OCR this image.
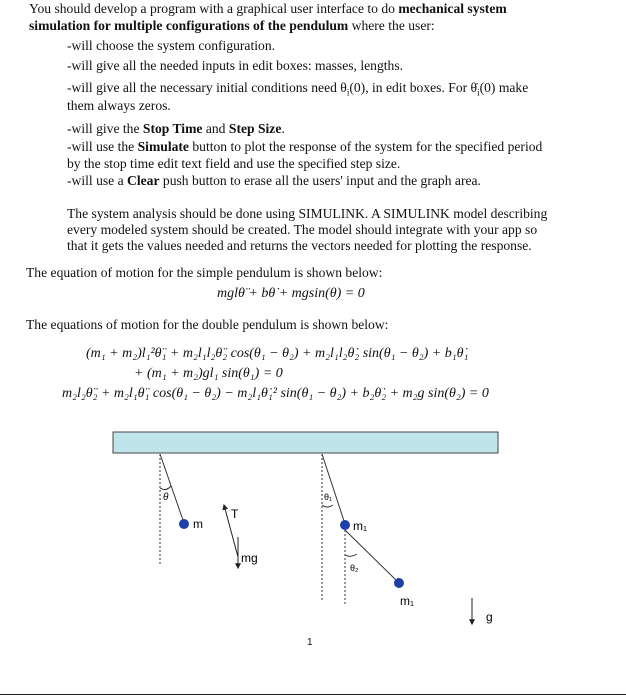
You should develop a program with a graphical user interface to do mechanical system
simulation for multiple configurations of the pendulum where the user:
-will choose the system configuration.
-will give all the needed inputs in edit boxes: masses, lengths.
-will give all the necessary initial conditions need $\theta_i(0)$, in edit boxes. For $\thetȧ_i(0)$ make
them always zeros.
-will give the Stop Time and Step Size.
-will use the Simulate button to plot the response of the system for the specified period
by the stop time edit text field and use the specified step size.
-will use a Clear push button to erase all the users' input and the graph area.
The system analysis should be done using SIMULINK. A SIMULINK model describing
every modeled system should be created. The model should integrate with your app so
that it gets the values needed and returns the vectors needed for plotting the response.
The equation of motion for the simple pendulum is shown below:
mglθ̈ + bθ̇ + mgsin(θ) = 0
The equations of motion for the double pendulum is shown below:
(m₁ + m₂)l₁²θ̈₁ + m₂l₁l₂θ̈₂ cos(θ₁ − θ₂) + m₂l₁l₂θ̇₂ sin(θ₁ − θ₂) + b₁θ̇₁
+ (m₁ + m₂)gl₁ sin(θ₁) = 0
m₂l₂θ̈₂ + m₂l₁θ̈₁ cos(θ₁ − θ₂) − m₂l₁θ̇₁² sin(θ₁ − θ₂) + b₂θ̇₂ + m₂g sin(θ₂) = 0
θ
m
T
mg
θ₁
m₁
θ₂
m₁
g
1
